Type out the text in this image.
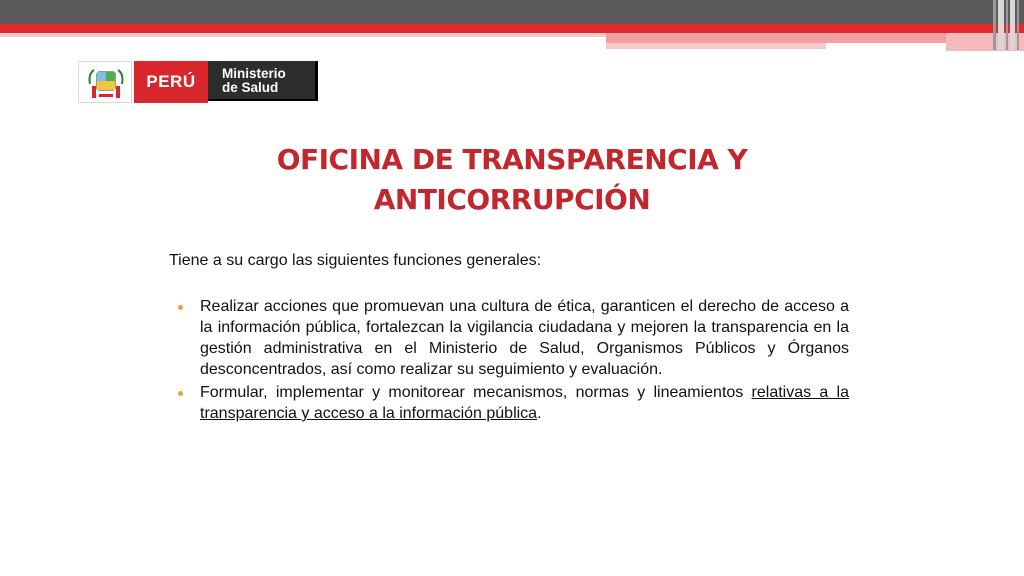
PERÚ	Ministerio
de Salud
OFICINA DE TRANSPARENCIA Y
ANTICORRUPCIÓN
Tiene a su cargo las siguientes funciones generales:
Realizar acciones que promuevan una cultura de ética, garanticen el derecho de acceso a la información pública, fortalezcan la vigilancia ciudadana y mejoren la transparencia en la gestión administrativa en el Ministerio de Salud, Organismos Públicos y Órganos desconcentrados, así como realizar su seguimiento y evaluación.
Formular, implementar y monitorear mecanismos, normas y lineamientos relativas a la transparencia y acceso a la información pública.
